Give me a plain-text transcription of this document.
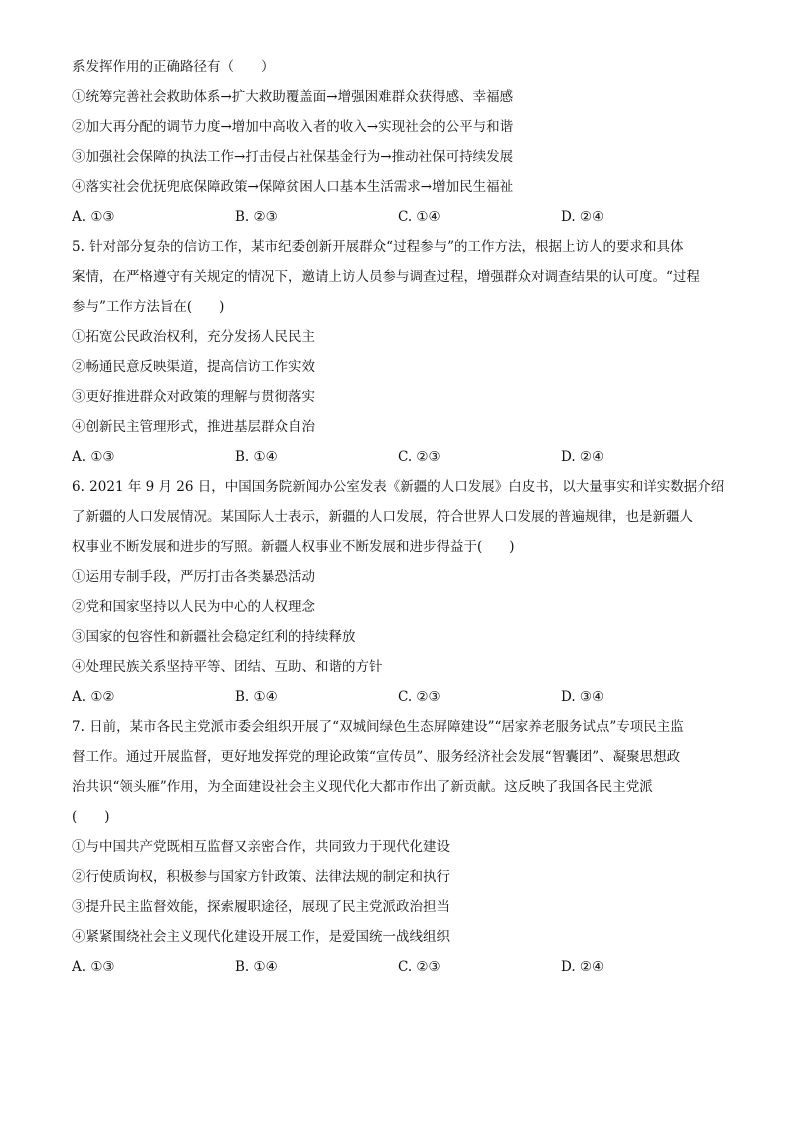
系发挥作用的正确路径有（　　）

①统筹完善社会救助体系→扩大救助覆盖面→增强困难群众获得感、幸福感

②加大再分配的调节力度→增加中高收入者的收入→实现社会的公平与和谐

③加强社会保障的执法工作→打击侵占社保基金行为→推动社保可持续发展

④落实社会优抚兜底保障政策→保障贫困人口基本生活需求→增加民生福祉

A. ①③	B. ②③	C. ①④	D. ②④

5. 针对部分复杂的信访工作，某市纪委创新开展群众“过程参与”的工作方法，根据上访人的要求和具体

案情，在严格遵守有关规定的情况下，邀请上访人员参与调查过程，增强群众对调查结果的认可度。“过程

参与”工作方法旨在(　　)

①拓宽公民政治权利，充分发扬人民民主

②畅通民意反映渠道，提高信访工作实效

③更好推进群众对政策的理解与贯彻落实

④创新民主管理形式，推进基层群众自治

A. ①③	B. ①④	C. ②③	D. ②④

6. 2021 年 9 月 26 日，中国国务院新闻办公室发表《新疆的人口发展》白皮书，以大量事实和详实数据介绍

了新疆的人口发展情况。某国际人士表示，新疆的人口发展，符合世界人口发展的普遍规律，也是新疆人

权事业不断发展和进步的写照。新疆人权事业不断发展和进步得益于(　　)

①运用专制手段，严厉打击各类暴恐活动

②党和国家坚持以人民为中心的人权理念

③国家的包容性和新疆社会稳定红利的持续释放

④处理民族关系坚持平等、团结、互助、和谐的方针

A. ①②	B. ①④	C. ②③	D. ③④

7. 日前，某市各民主党派市委会组织开展了“双城间绿色生态屏障建设”“居家养老服务试点”专项民主监

督工作。通过开展监督，更好地发挥党的理论政策“宣传员”、服务经济社会发展“智囊团”、凝聚思想政

治共识“领头雁”作用，为全面建设社会主义现代化大都市作出了新贡献。这反映了我国各民主党派

(　　)

①与中国共产党既相互监督又亲密合作，共同致力于现代化建设

②行使质询权，积极参与国家方针政策、法律法规的制定和执行

③提升民主监督效能，探索履职途径，展现了民主党派政治担当

④紧紧围绕社会主义现代化建设开展工作，是爱国统一战线组织

A. ①③	B. ①④	C. ②③	D. ②④
